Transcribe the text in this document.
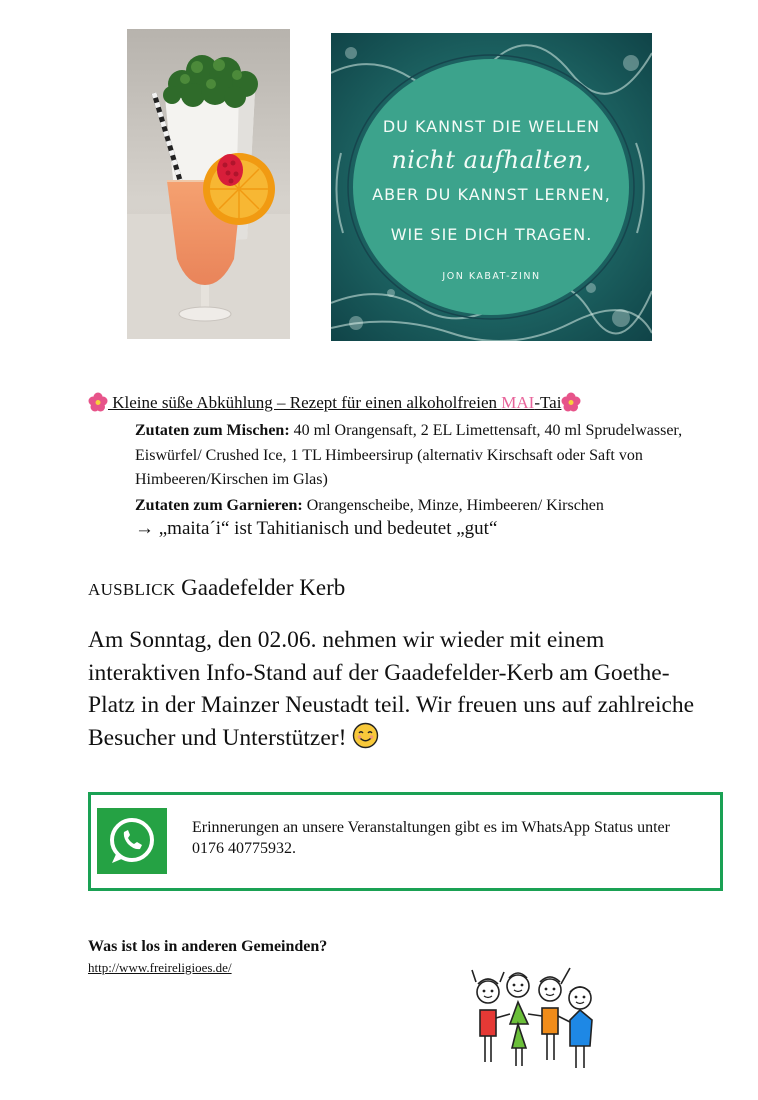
DU KANNST DIE WELLEN
nicht aufhalten,
ABER DU KANNST LERNEN,
WIE SIE DICH TRAGEN.
JON KABAT-ZINN
Kleine süße Abkühlung – Rezept für einen alkoholfreien MAI-Tai
Zutaten zum Mischen: 40 ml Orangensaft, 2 EL Limettensaft, 40 ml Sprudelwasser, Eiswürfel/ Crushed Ice, 1 TL Himbeersirup (alternativ Kirschsaft oder Saft von Himbeeren/Kirschen im Glas)
Zutaten zum Garnieren: Orangenscheibe, Minze, Himbeeren/ Kirschen
→ „maita´i“ ist Tahitianisch und bedeutet „gut“
AUSBLICK Gaadefelder Kerb
Am Sonntag, den 02.06. nehmen wir wieder mit einem interaktiven Info-Stand auf der Gaadefelder-Kerb am Goethe-Platz in der Mainzer Neustadt teil. Wir freuen uns auf zahlreiche Besucher und Unterstützer!
Erinnerungen an unsere Veranstaltungen gibt es im WhatsApp Status unter 0176 40775932.
Was ist los in anderen Gemeinden?
http://www.freireligioes.de/
